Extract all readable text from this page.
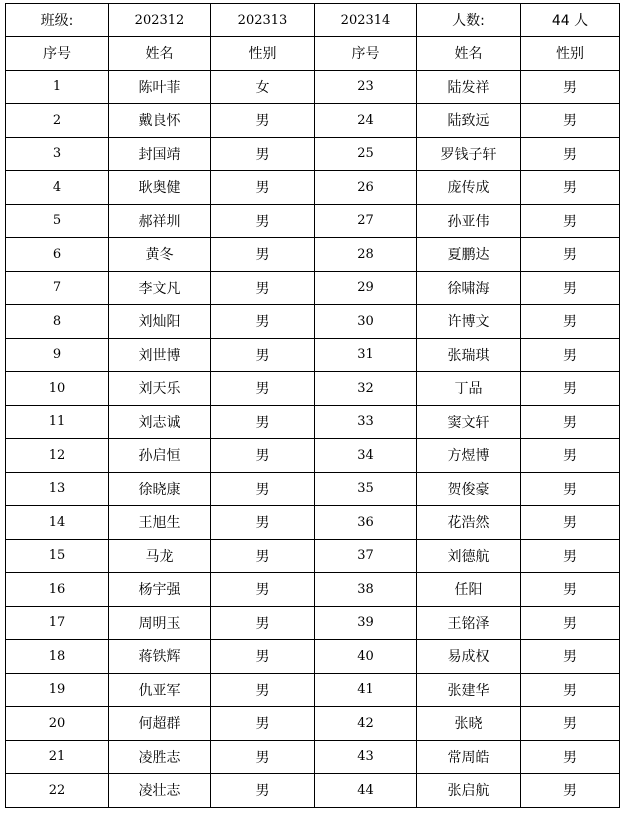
班级:	202312	202313	202314	人数:	44 人
序号	姓名	性别	序号	姓名	性别
1	陈叶菲	女	23	陆发祥	男
2	戴良怀	男	24	陆致远	男
3	封国靖	男	25	罗钱子轩	男
4	耿奥健	男	26	庞传成	男
5	郝祥圳	男	27	孙亚伟	男
6	黄冬	男	28	夏鹏达	男
7	李文凡	男	29	徐啸海	男
8	刘灿阳	男	30	许博文	男
9	刘世博	男	31	张瑞琪	男
10	刘天乐	男	32	丁品	男
11	刘志诚	男	33	窦文轩	男
12	孙启恒	男	34	方煜博	男
13	徐晓康	男	35	贺俊豪	男
14	王旭生	男	36	花浩然	男
15	马龙	男	37	刘德航	男
16	杨宇强	男	38	任阳	男
17	周明玉	男	39	王铭泽	男
18	蒋铁辉	男	40	易成权	男
19	仇亚军	男	41	张建华	男
20	何超群	男	42	张晓	男
21	凌胜志	男	43	常周皓	男
22	凌壮志	男	44	张启航	男
